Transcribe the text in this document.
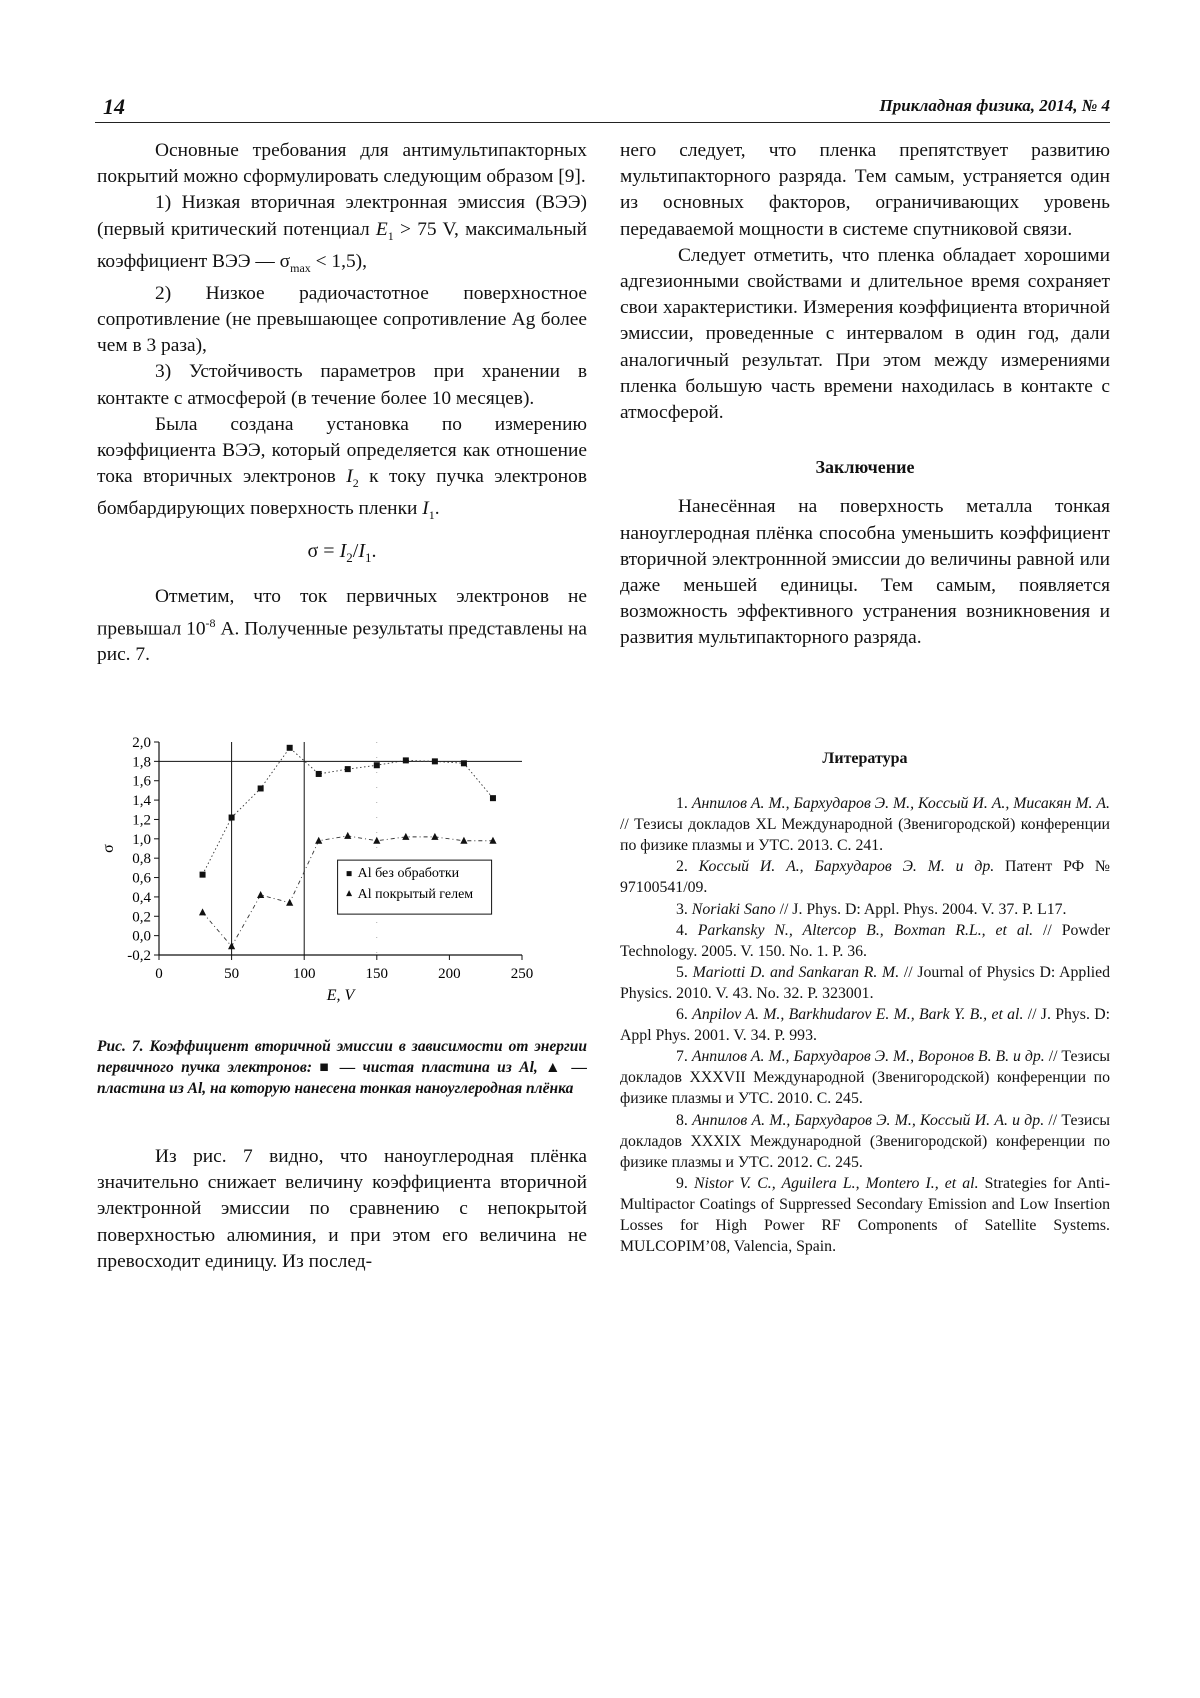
14	Прикладная физика, 2014, № 4

Основные требования для антимультипакторных покрытий можно сформулировать следующим образом [9].

1) Низкая вторичная электронная эмиссия (ВЭЭ) (первый критический потенциал $E_1 > 75$ V, максимальный коэффициент ВЭЭ — $\sigma_{max} < 1,5$),

2) Низкое радиочастотное поверхностное сопротивление (не превышающее сопротивление Ag более чем в 3 раза),

3) Устойчивость параметров при хранении в контакте с атмосферой (в течение более 10 месяцев).

Была создана установка по измерению коэффициента ВЭЭ, который определяется как отношение тока вторичных электронов $I_2$ к току пучка электронов бомбардирующих поверхность пленки $I_1$.

$\sigma = I_2/I_1$.

Отметим, что ток первичных электронов не превышал $10^{-8}$ А. Полученные результаты представлены на рис. 7.

-0,2
0,0
0,2
0,4
0,6
0,8
1,0
1,2
1,4
1,6
1,8
2,0
0	50	100	150	200	250
Al без обработки
Al покрытый гелем
E, V
σ
Рис. 7. Коэффициент вторичной эмиссии в зависимости от энергии первичного пучка электронов: ■ — чистая пластина из Al, ▲ — пластина из Al, на которую нанесена тонкая наноуглеродная плёнка

Из рис. 7 видно, что наноуглеродная плёнка значительно снижает величину коэффициента вторичной электронной эмиссии по сравнению с непокрытой поверхностью алюминия, и при этом его величина не превосходит единицу. Из послед-

него следует, что пленка препятствует развитию мультипакторного разряда. Тем самым, устраняется один из основных факторов, ограничивающих уровень передаваемой мощности в системе спутниковой связи.

Следует отметить, что пленка обладает хорошими адгезионными свойствами и длительное время сохраняет свои характеристики. Измерения коэффициента вторичной эмиссии, проведенные с интервалом в один год, дали аналогичный результат. При этом между измерениями пленка большую часть времени находилась в контакте с атмосферой.

Заключение

Нанесённая на поверхность металла тонкая наноуглеродная плёнка способна уменьшить коэффициент вторичной электроннной эмиссии до величины равной или даже меньшей единицы. Тем самым, появляется возможность эффективного устранения возникновения и развития мультипакторного разряда.

Литература

1. Анпилов А. М., Бархударов Э. М., Коссый И. А., Мисакян М. А. // Тезисы докладов XL Международной (Звенигородской) конференции по физике плазмы и УТС. 2013. С. 241.

2. Коссый И. А., Бархударов Э. М. и др. Патент РФ № 97100541/09.

3. Noriaki Sano // J. Phys. D: Appl. Phys. 2004. V. 37. P. L17.

4. Parkansky N., Altercop B., Boxman R.L., et al. // Powder Technology. 2005. V. 150. No. 1. P. 36.

5. Mariotti D. and Sankaran R. M. // Journal of Physics D: Applied Physics. 2010. V. 43. No. 32. P. 323001.

6. Anpilov A. M., Barkhudarov E. M., Bark Y. B., et al. // J. Phys. D: Appl Phys. 2001. V. 34. P. 993.

7. Анпилов А. М., Бархударов Э. М., Воронов В. В. и др. // Тезисы докладов XXXVII Международной (Звенигородской) конференции по физике плазмы и УТС. 2010. С. 245.

8. Анпилов А. М., Бархударов Э. М., Коссый И. А. и др. // Тезисы докладов XXXIX Международной (Звенигородской) конференции по физике плазмы и УТС. 2012. С. 245.

9. Nistor V. C., Aguilera L., Montero I., et al. Strategies for Anti-Multipactor Coatings of Suppressed Secondary Emission and Low Insertion Losses for High Power RF Components of Satellite Systems. MULCOPIM’08, Valencia, Spain.
